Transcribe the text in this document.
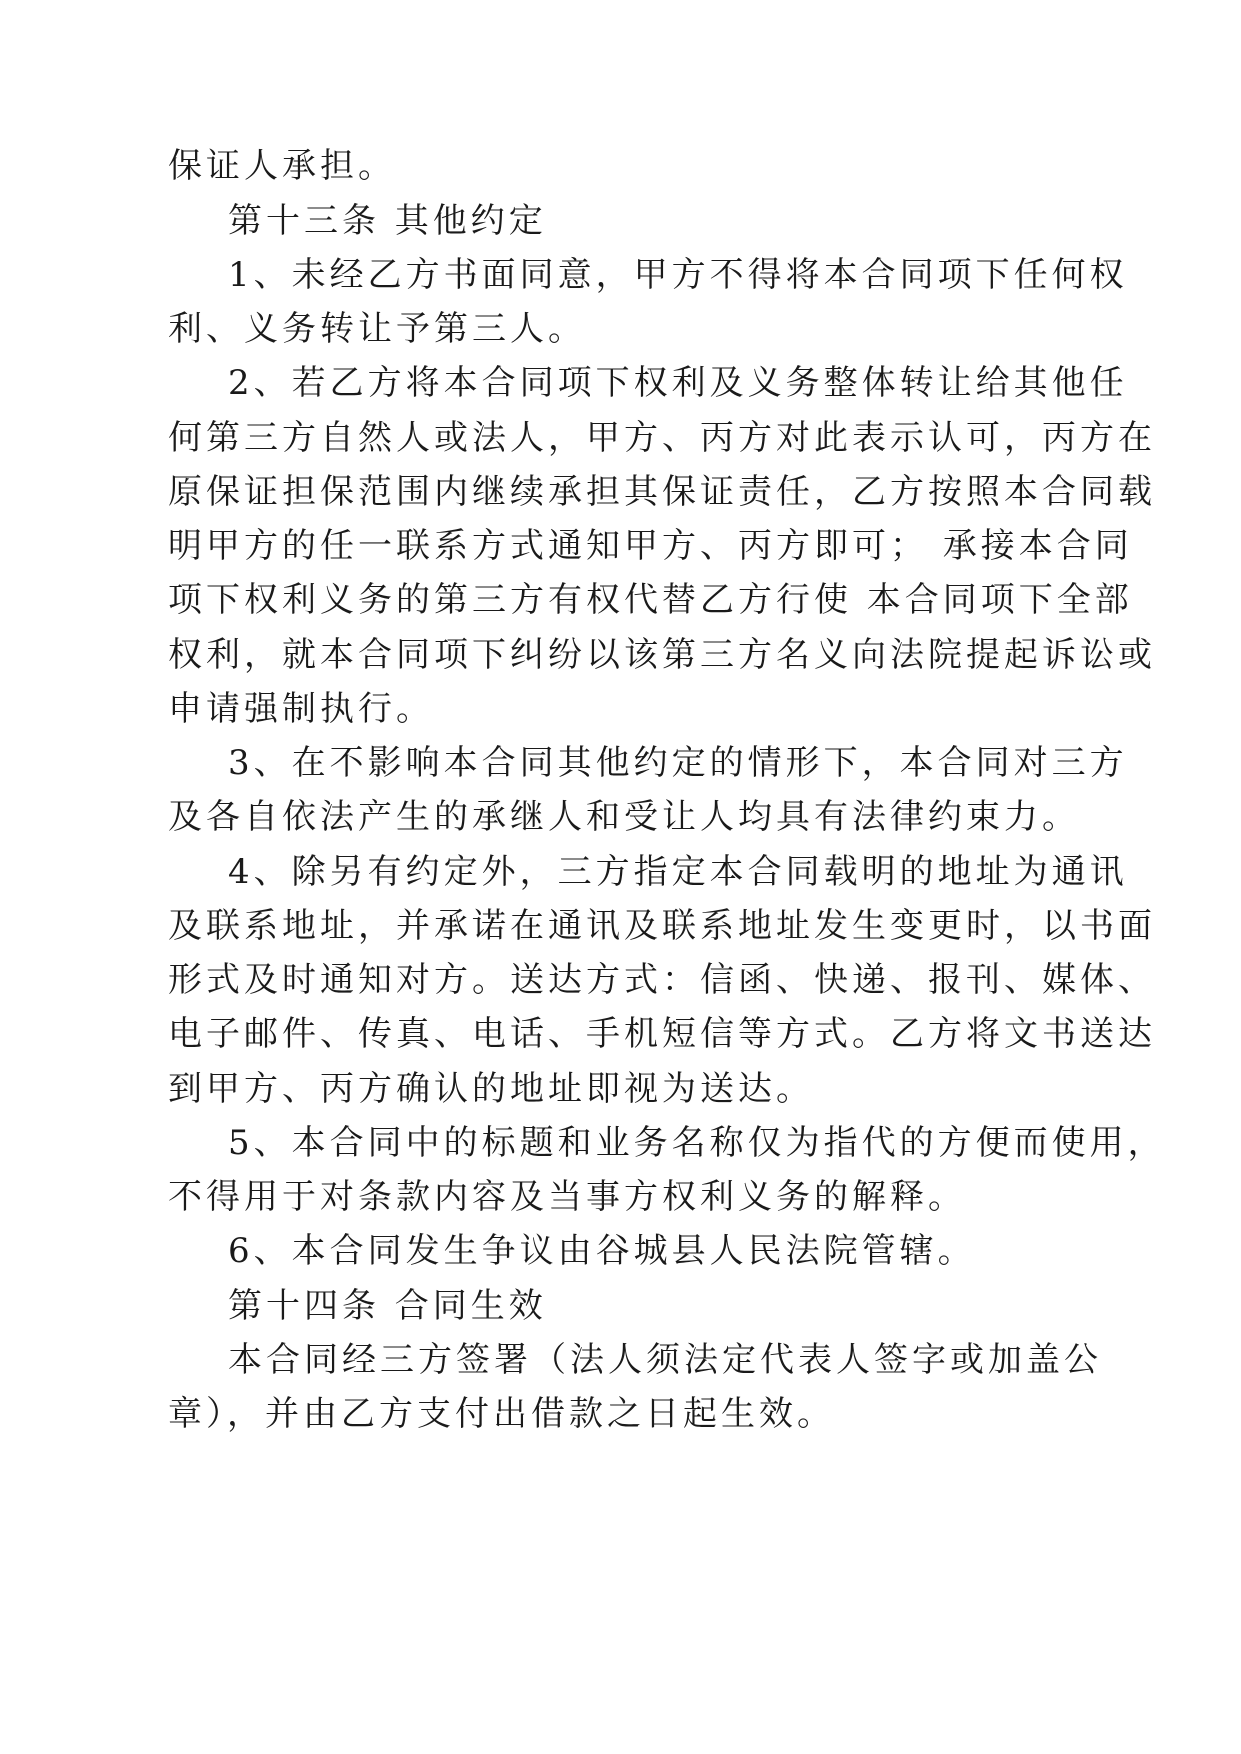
保证人承担。
第十三条 其他约定
1、未经乙方书面同意，甲方不得将本合同项下任何权
利、义务转让予第三人。
2、若乙方将本合同项下权利及义务整体转让给其他任
何第三方自然人或法人，甲方、丙方对此表示认可，丙方在
原保证担保范围内继续承担其保证责任，乙方按照本合同载
明甲方的任一联系方式通知甲方、丙方即可； 承接本合同
项下权利义务的第三方有权代替乙方行使 本合同项下全部
权利，就本合同项下纠纷以该第三方名义向法院提起诉讼或
申请强制执行。
3、在不影响本合同其他约定的情形下，本合同对三方
及各自依法产生的承继人和受让人均具有法律约束力。
4、除另有约定外，三方指定本合同载明的地址为通讯
及联系地址，并承诺在通讯及联系地址发生变更时，以书面
形式及时通知对方。送达方式：信函、快递、报刊、媒体、
电子邮件、传真、电话、手机短信等方式。乙方将文书送达
到甲方、丙方确认的地址即视为送达。
5、本合同中的标题和业务名称仅为指代的方便而使用，
不得用于对条款内容及当事方权利义务的解释。
6、本合同发生争议由谷城县人民法院管辖。
第十四条 合同生效
本合同经三方签署（法人须法定代表人签字或加盖公
章），并由乙方支付出借款之日起生效。
